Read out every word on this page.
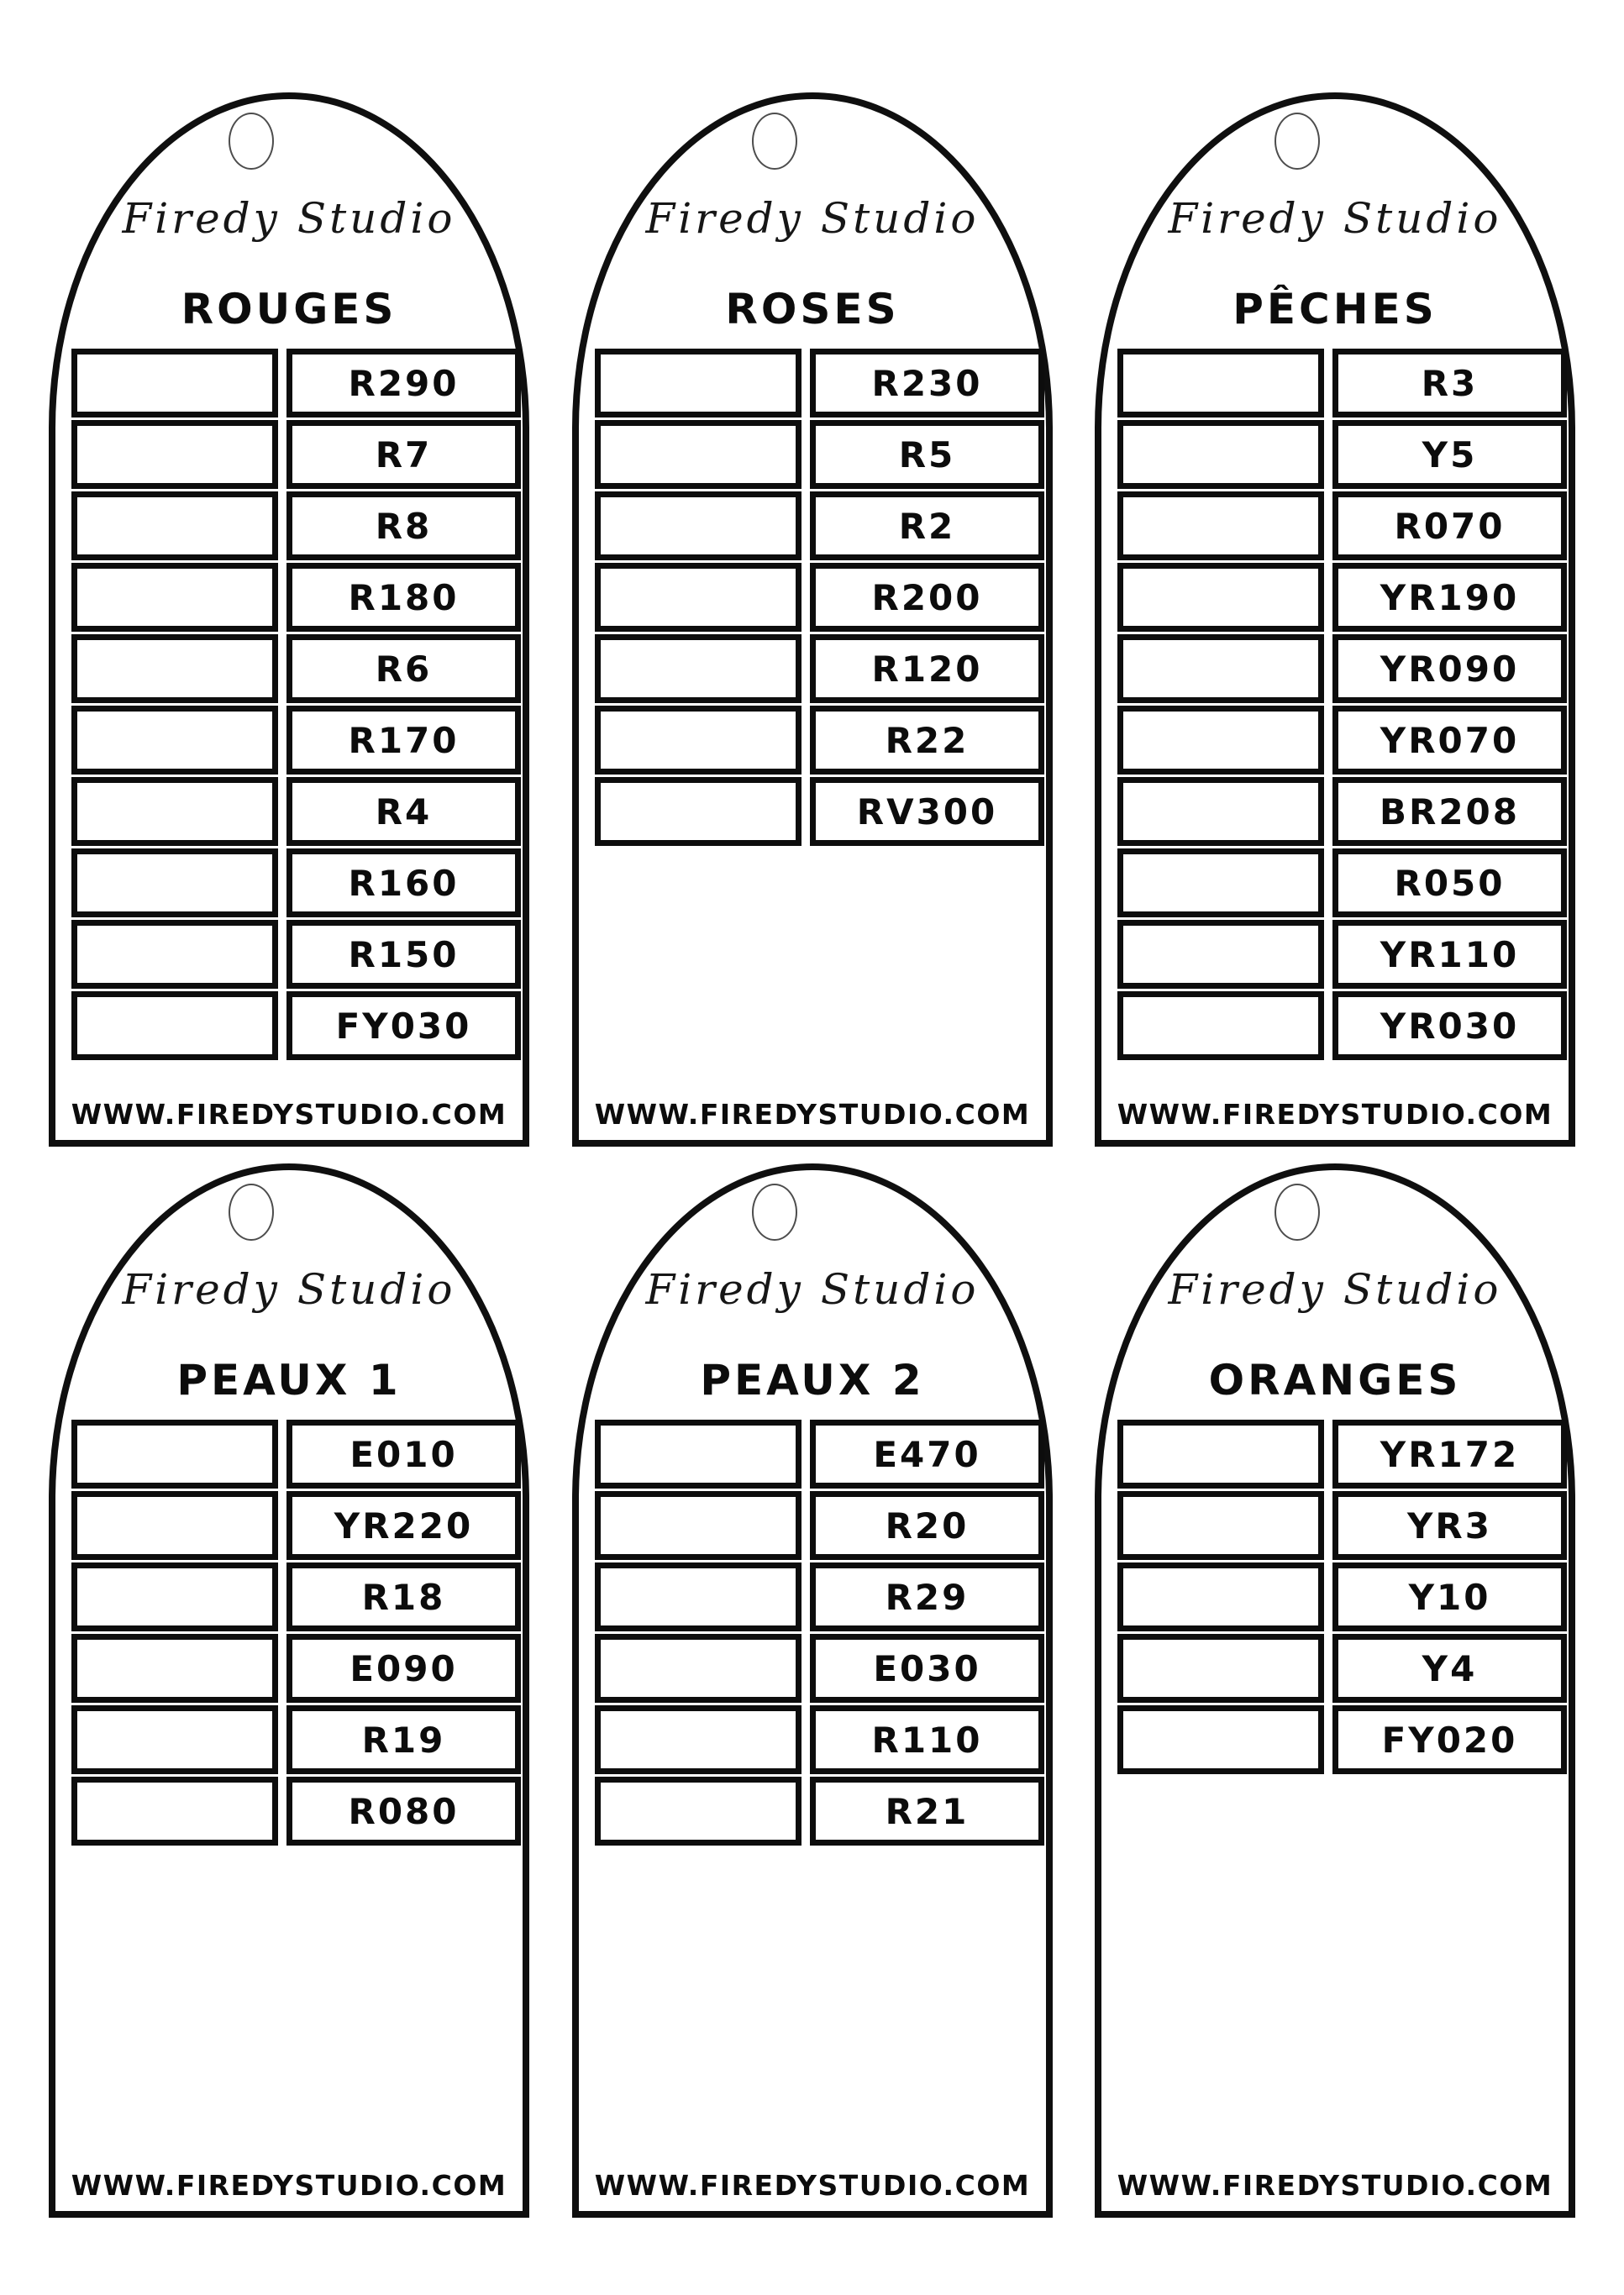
Firedy Studio
ROUGES
R290
R7
R8
R180
R6
R170
R4
R160
R150
FY030
WWW.FIREDYSTUDIO.COM
Firedy Studio
ROSES
R230
R5
R2
R200
R120
R22
RV300
WWW.FIREDYSTUDIO.COM
Firedy Studio
PÊCHES
R3
Y5
R070
YR190
YR090
YR070
BR208
R050
YR110
YR030
WWW.FIREDYSTUDIO.COM
Firedy Studio
PEAUX 1
E010
YR220
R18
E090
R19
R080
WWW.FIREDYSTUDIO.COM
Firedy Studio
PEAUX 2
E470
R20
R29
E030
R110
R21
WWW.FIREDYSTUDIO.COM
Firedy Studio
ORANGES
YR172
YR3
Y10
Y4
FY020
WWW.FIREDYSTUDIO.COM
